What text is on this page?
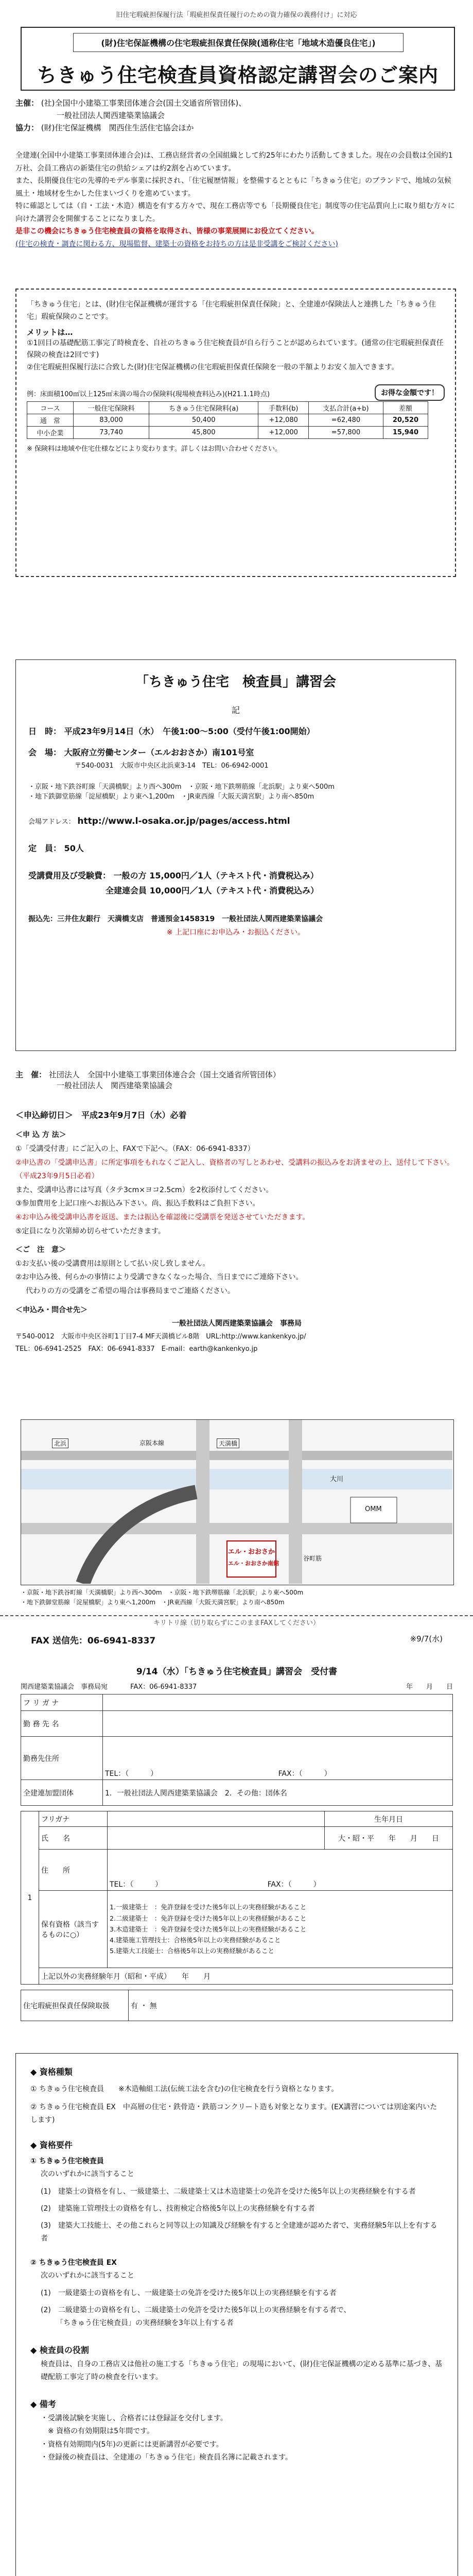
旧住宅瑕疵担保履行法「瑕疵担保責任履行のための資力確保の義務付け」に対応

(財)住宅保証機構の住宅瑕疵担保責任保険(通称住宅「地域木造優良住宅」)

ちきゅう住宅検査員資格認定講習会のご案内

主催： (社)全国中小建築工事業団体連合会(国土交通省所管団体)、

一般社団法人関西建築業協議会

協力： (財)住宅保証機構　関西住生活住宅協会ほか

全建連(全国中小建築工事業団体連合会)は、工務店経営者の全国組織として約25年にわたり活動してきました。現在の会員数は全国約1万社、会員工務店の新築住宅の供給シェアは約2割を占めています。

また、長期優良住宅の先導的モデル事業に採択され、「住宅履歴情報」を整備するとともに「ちきゅう住宅」のブランドで、地域の気候風土・地域材を生かした住まいづくりを進めています。

特に確認としては（自・工法・木造）構造を有する方々で、現在工務店等でも「長期優良住宅」制度等の住宅品質向上に取り組む方々に向けた講習会を開催することになりました。

是非この機会にちきゅう住宅検査員の資格を取得され、皆様の事業展開にお役立てください。

(住宅の検査・調査に関わる方、現場監督、建築士の資格をお持ちの方は是非受講をご検討ください)

「ちきゅう住宅」とは、(財)住宅保証機構が運営する「住宅瑕疵担保責任保険」と、全建連が保険法人と連携した「ちきゅう住宅」瑕疵保険のことです。

メリットは…

①1回目の基礎配筋工事完了時検査を、自社のちきゅう住宅検査員が自ら行うことが認められています。(通常の住宅瑕疵担保責任保険の検査は2回です)

②住宅瑕疵担保履行法に合致した(財)住宅保証機構の住宅瑕疵担保責任保険を一般の半額よりお安く加入できます。

お得な金額です！

例：床面積100㎡以上125㎡未満の場合の保険料(現場検査料込み)(H21.1.1時点)

コース	一般住宅保険料	ちきゅう住宅保険料(a)	手数料(b)	支払合計(a+b)	差額
通　常	83,000	50,400	+12,080	=62,480	20,520
中小企業	73,740	45,800	+12,000	=57,800	15,940

※ 保険料は地域や住宅仕様などにより変わります。詳しくはお問い合わせください。

「ちきゅう住宅　検査員」講習会

記

日　時： 平成23年9月14日（水）　午後1:00～5:00（受付午後1:00開始）

会　場： 大阪府立労働センター（エルおおさか）南101号室

〒540-0031　大阪市中央区北浜東3-14　TEL：06-6942-0001

・京阪・地下鉄谷町線「天満橋駅」より西へ300m　・京阪・地下鉄堺筋線「北浜駅」より東へ500m

・地下鉄御堂筋線「淀屋橋駅」より東へ1,200m　・JR東西線「大阪天満宮駅」より南へ850m

会場アドレス： http://www.l-osaka.or.jp/pages/access.html

定　員： 50人

受講費用及び受験費： 一般の方 15,000円／1人（テキスト代・消費税込み）

全建連会員 10,000円／1人（テキスト代・消費税込み）

振込先：三井住友銀行　天満橋支店　普通預金1458319　一般社団法人関西建築業協議会

※ 上記口座にお申込み・お振込ください。

主　催： 社団法人　全国中小建築工事業団体連合会（国土交通省所管団体）

一般社団法人　関西建築業協議会

＜申込締切日＞　平成23年9月7日（水）必着

＜申 込 方 法＞

①「受講受付書」にご記入の上、FAXで下記へ。（FAX：06-6941-8337）

②申込書の「受講申込書」に所定事項をもれなくご記入し、資格者の写しとあわせ、受講料の振込みをお済ませの上、送付して下さい。（平成23年9月5日必着）

また、受講申込書には写真（タテ3cm×ヨコ2.5cm）を2枚添付してください。

③参加費用を上記口座へお振込み下さい。尚、振込手数料はご負担下さい。

④お申込み後受講申込書を返送、または振込を確認後に受講票を発送させていただきます。

⑤定員になり次第締め切らせていただきます。

＜ご　注　意＞

①お支払い後の受講費用は原則として払い戻し致しません。

②お申込み後、何らかの事情により受講できなくなった場合、当日までにご連絡下さい。

代わりの方の受講をご希望の場合は事務局までご連絡ください。

＜申込み・問合せ先＞

一般社団法人関西建築業協議会　事務局

〒540-0012　大阪市中央区谷町1丁目7-4 MF天満橋ビル8階　URL:http://www.kankenkyo.jp/

TEL：06-6941-2525　FAX：06-6941-8337　E-mail：earth@kankenkyo.jp

京阪本線	天満橋
北浜
大川
谷町筋
エル・おおさか
エル・おおさか南館
OMM

・京阪・地下鉄谷町線「天満橋駅」より西へ300m　・京阪・地下鉄堺筋線「北浜駅」より東へ500m

・地下鉄御堂筋線「淀屋橋駅」より東へ1,200m　・JR東西線「大阪天満宮駅」より南へ850m

キリトリ線（切り取らずにこのままFAXしてください）

FAX 送信先：06-6941-8337	※9/7(水)

9/14（水）「ちきゅう住宅検査員」講習会　受付書

関西建築業協議会　事務局宛	FAX：06-6941-8337	年　　月　　日

フ リ ガ ナ	
勤 務 先 名	
勤務先住所	TEL：（　　　） FAX：（　　　）
全建連加盟団体	1．一般社団法人関西建築業協議会　2．その他：団体名
1	フリガナ		生年月日
	氏　　名		大・昭・平　　年　　月　　日
	住　　所	TEL：（　　　） FAX：（　　　）	
	保有資格（該当するものに○）	1.一級建築士　：免許登録を受けた後5年以上の実務経験があること

2.二級建築士　：免許登録を受けた後5年以上の実務経験があること

3.木造建築士　：免許登録を受けた後5年以上の実務経験があること

4.建築施工管理技士：合格後5年以上の実務経験があること

5.建築大工技能士：合格後5年以上の実務経験があること	

	上記以外の実務経験年月（昭和・平成）　　年　　月		
住宅瑕疵担保責任保険取扱	有 ・ 無

◆ 資格種類

① ちきゅう住宅検査員　　※木造軸組工法(伝統工法を含む)の住宅検査を行う資格となります。

② ちきゅう住宅検査員 EX　中高層の住宅・鉄骨造・鉄筋コンクリート造も対象となります。(EX講習については別途案内いたします)

◆ 資格要件

① ちきゅう住宅検査員

次のいずれかに該当すること

(1)　建築士の資格を有し、一級建築士、二級建築士又は木造建築士の免許を受けた後5年以上の実務経験を有する者

(2)　建築施工管理技士の資格を有し、技術検定合格後5年以上の実務経験を有する者

(3)　建築大工技能士、その他これらと同等以上の知識及び経験を有すると全建連が認めた者で、実務経験5年以上を有する者

② ちきゅう住宅検査員 EX

次のいずれかに該当すること

(1)　一級建築士の資格を有し、一級建築士の免許を受けた後5年以上の実務経験を有する者

(2)　二級建築士の資格を有し、二級建築士の免許を受けた後5年以上の実務経験を有する者で、

「ちきゅう住宅検査員」の実務経験を3年以上有する者

◆ 検査員の役割

検査員は、自身の工務店又は他社の施工する「ちきゅう住宅」の現場において、(財)住宅保証機構の定める基準に基づき、基礎配筋工事完了時の検査を行います。

◆ 備考

・受講後試験を実施し、合格者には登録証を交付します。

　※ 資格の有効期限は5年間です。

・資格有効期間内(5年)の更新には更新講習が必要です。

・登録後の検査員は、全建連の「ちきゅう住宅」検査員名簿に記載されます。
